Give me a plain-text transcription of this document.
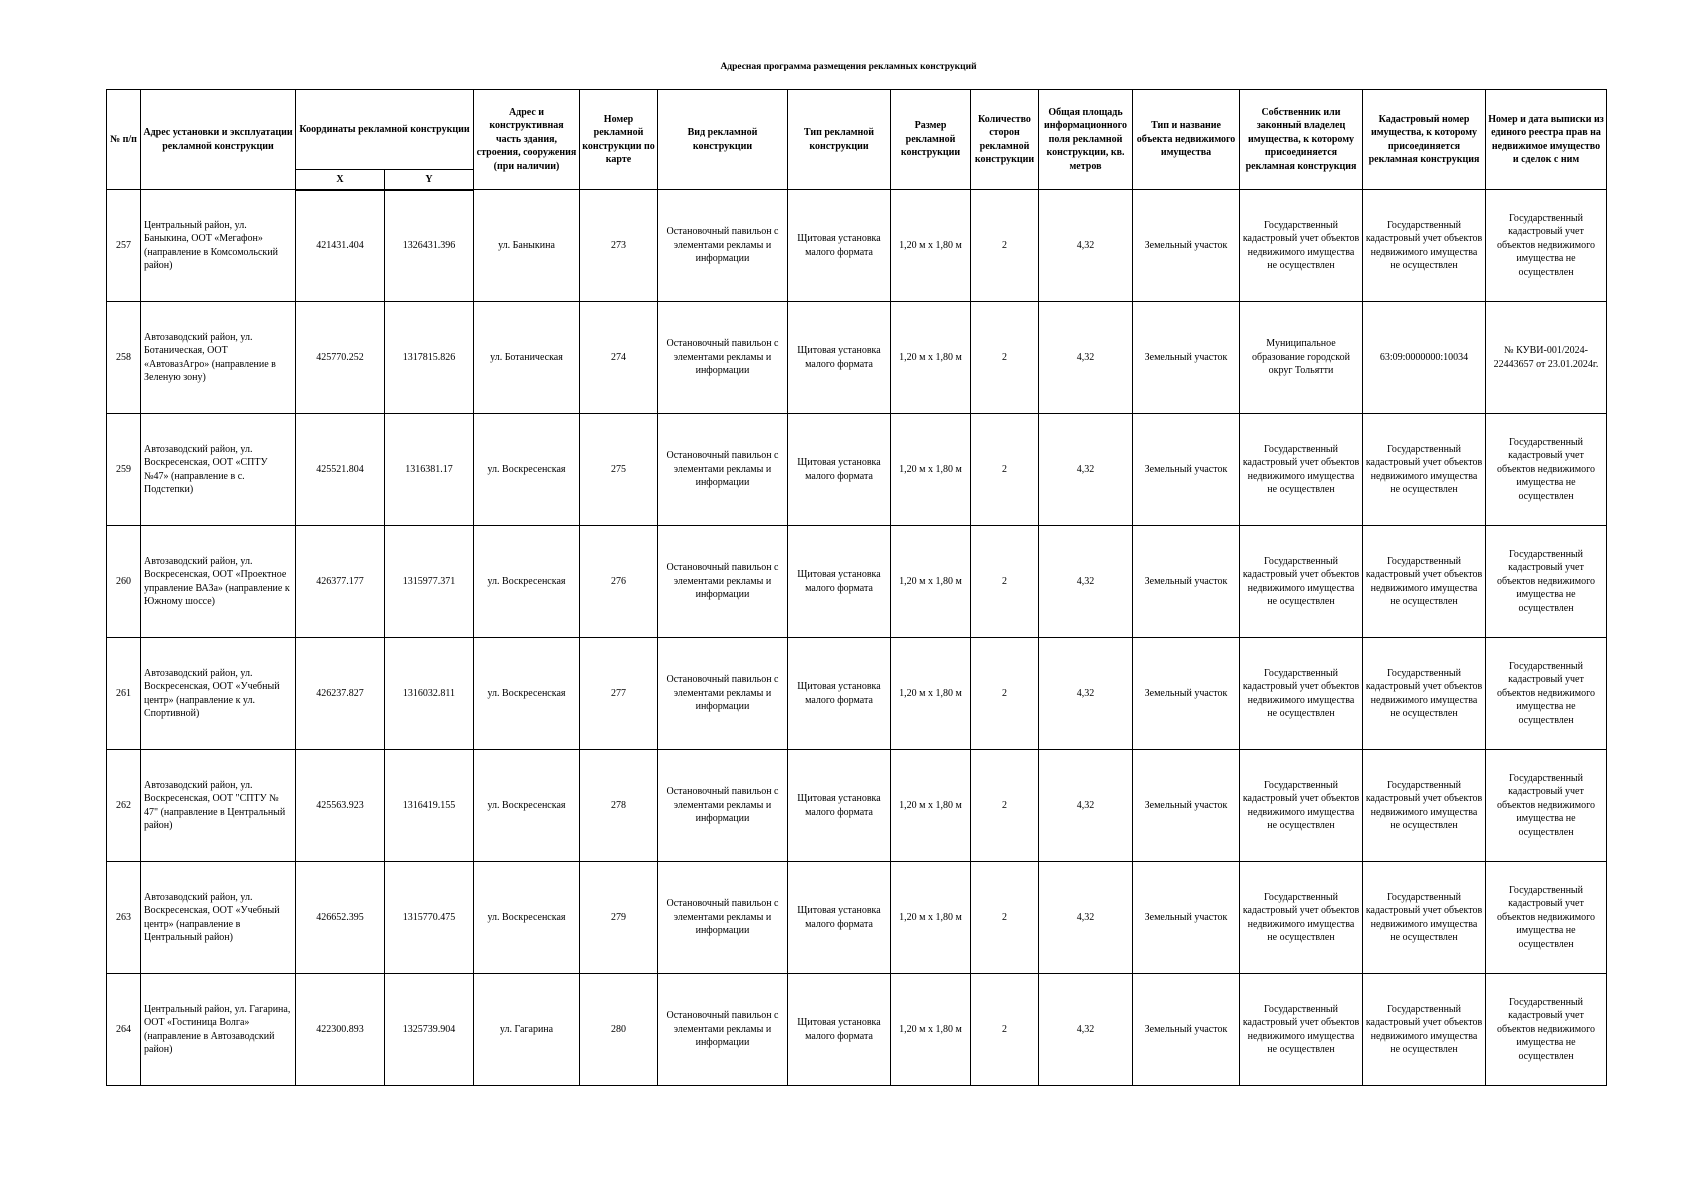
Адресная программа размещения рекламных конструкций
№ п/п	Адрес установки и эксплуатации рекламной конструкции	Координаты рекламной конструкции		Адрес и конструктивная часть здания, строения, сооружения (при наличии)	Номер рекламной конструкции по карте	Вид рекламной конструкции	Тип рекламной конструкции	Размер рекламной конструкции	Количество сторон рекламной конструкции	Общая площадь информационного поля рекламной конструкции, кв. метров	Тип и название объекта недвижимого имущества	Собственник или законный владелец имущества, к которому присоединяется рекламная конструкция	Кадастровый номер имущества, к которому присоединяется рекламная конструкция	Номер и дата выписки из единого реестра прав на недвижимое имущество и сделок с ним
		X	Y											
257	Центральный район, ул. Баныкина, ООТ «Мегафон» (направление в Комсомольский район)	421431.404	1326431.396	ул. Баныкина	273	Остановочный павильон с элементами рекламы и информации	Щитовая установка малого формата	1,20 м х 1,80 м	2	4,32	Земельный участок	Государственный кадастровый учет объектов недвижимого имущества не осуществлен	Государственный кадастровый учет объектов недвижимого имущества не осуществлен	Государственный кадастровый учет объектов недвижимого имущества не осуществлен
258	Автозаводский район, ул. Ботаническая, ООТ «АвтовазАгро» (направление в Зеленую зону)	425770.252	1317815.826	ул. Ботаническая	274	Остановочный павильон с элементами рекламы и информации	Щитовая установка малого формата	1,20 м х 1,80 м	2	4,32	Земельный участок	Муниципальное образование городской округ Тольятти	63:09:0000000:10034	№ КУВИ-001/2024-22443657 от 23.01.2024г.
259	Автозаводский район, ул. Воскресенская, ООТ «СПТУ №47» (направление в с. Подстепки)	425521.804	1316381.17	ул. Воскресенская	275	Остановочный павильон с элементами рекламы и информации	Щитовая установка малого формата	1,20 м х 1,80 м	2	4,32	Земельный участок	Государственный кадастровый учет объектов недвижимого имущества не осуществлен	Государственный кадастровый учет объектов недвижимого имущества не осуществлен	Государственный кадастровый учет объектов недвижимого имущества не осуществлен
260	Автозаводский район, ул. Воскресенская, ООТ «Проектное управление ВАЗа» (направление к Южному шоссе)	426377.177	1315977.371	ул. Воскресенская	276	Остановочный павильон с элементами рекламы и информации	Щитовая установка малого формата	1,20 м х 1,80 м	2	4,32	Земельный участок	Государственный кадастровый учет объектов недвижимого имущества не осуществлен	Государственный кадастровый учет объектов недвижимого имущества не осуществлен	Государственный кадастровый учет объектов недвижимого имущества не осуществлен
261	Автозаводский район, ул. Воскресенская, ООТ «Учебный центр» (направление к ул. Спортивной)	426237.827	1316032.811	ул. Воскресенская	277	Остановочный павильон с элементами рекламы и информации	Щитовая установка малого формата	1,20 м х 1,80 м	2	4,32	Земельный участок	Государственный кадастровый учет объектов недвижимого имущества не осуществлен	Государственный кадастровый учет объектов недвижимого имущества не осуществлен	Государственный кадастровый учет объектов недвижимого имущества не осуществлен
262	Автозаводский район, ул. Воскресенская, ООТ "СПТУ № 47" (направление в Центральный район)	425563.923	1316419.155	ул. Воскресенская	278	Остановочный павильон с элементами рекламы и информации	Щитовая установка малого формата	1,20 м х 1,80 м	2	4,32	Земельный участок	Государственный кадастровый учет объектов недвижимого имущества не осуществлен	Государственный кадастровый учет объектов недвижимого имущества не осуществлен	Государственный кадастровый учет объектов недвижимого имущества не осуществлен
263	Автозаводский район, ул. Воскресенская, ООТ «Учебный центр» (направление в Центральный район)	426652.395	1315770.475	ул. Воскресенская	279	Остановочный павильон с элементами рекламы и информации	Щитовая установка малого формата	1,20 м х 1,80 м	2	4,32	Земельный участок	Государственный кадастровый учет объектов недвижимого имущества не осуществлен	Государственный кадастровый учет объектов недвижимого имущества не осуществлен	Государственный кадастровый учет объектов недвижимого имущества не осуществлен
264	Центральный район, ул. Гагарина, ООТ «Гостиница Волга» (направление в Автозаводский район)	422300.893	1325739.904	ул. Гагарина	280	Остановочный павильон с элементами рекламы и информации	Щитовая установка малого формата	1,20 м х 1,80 м	2	4,32	Земельный участок	Государственный кадастровый учет объектов недвижимого имущества не осуществлен	Государственный кадастровый учет объектов недвижимого имущества не осуществлен	Государственный кадастровый учет объектов недвижимого имущества не осуществлен
